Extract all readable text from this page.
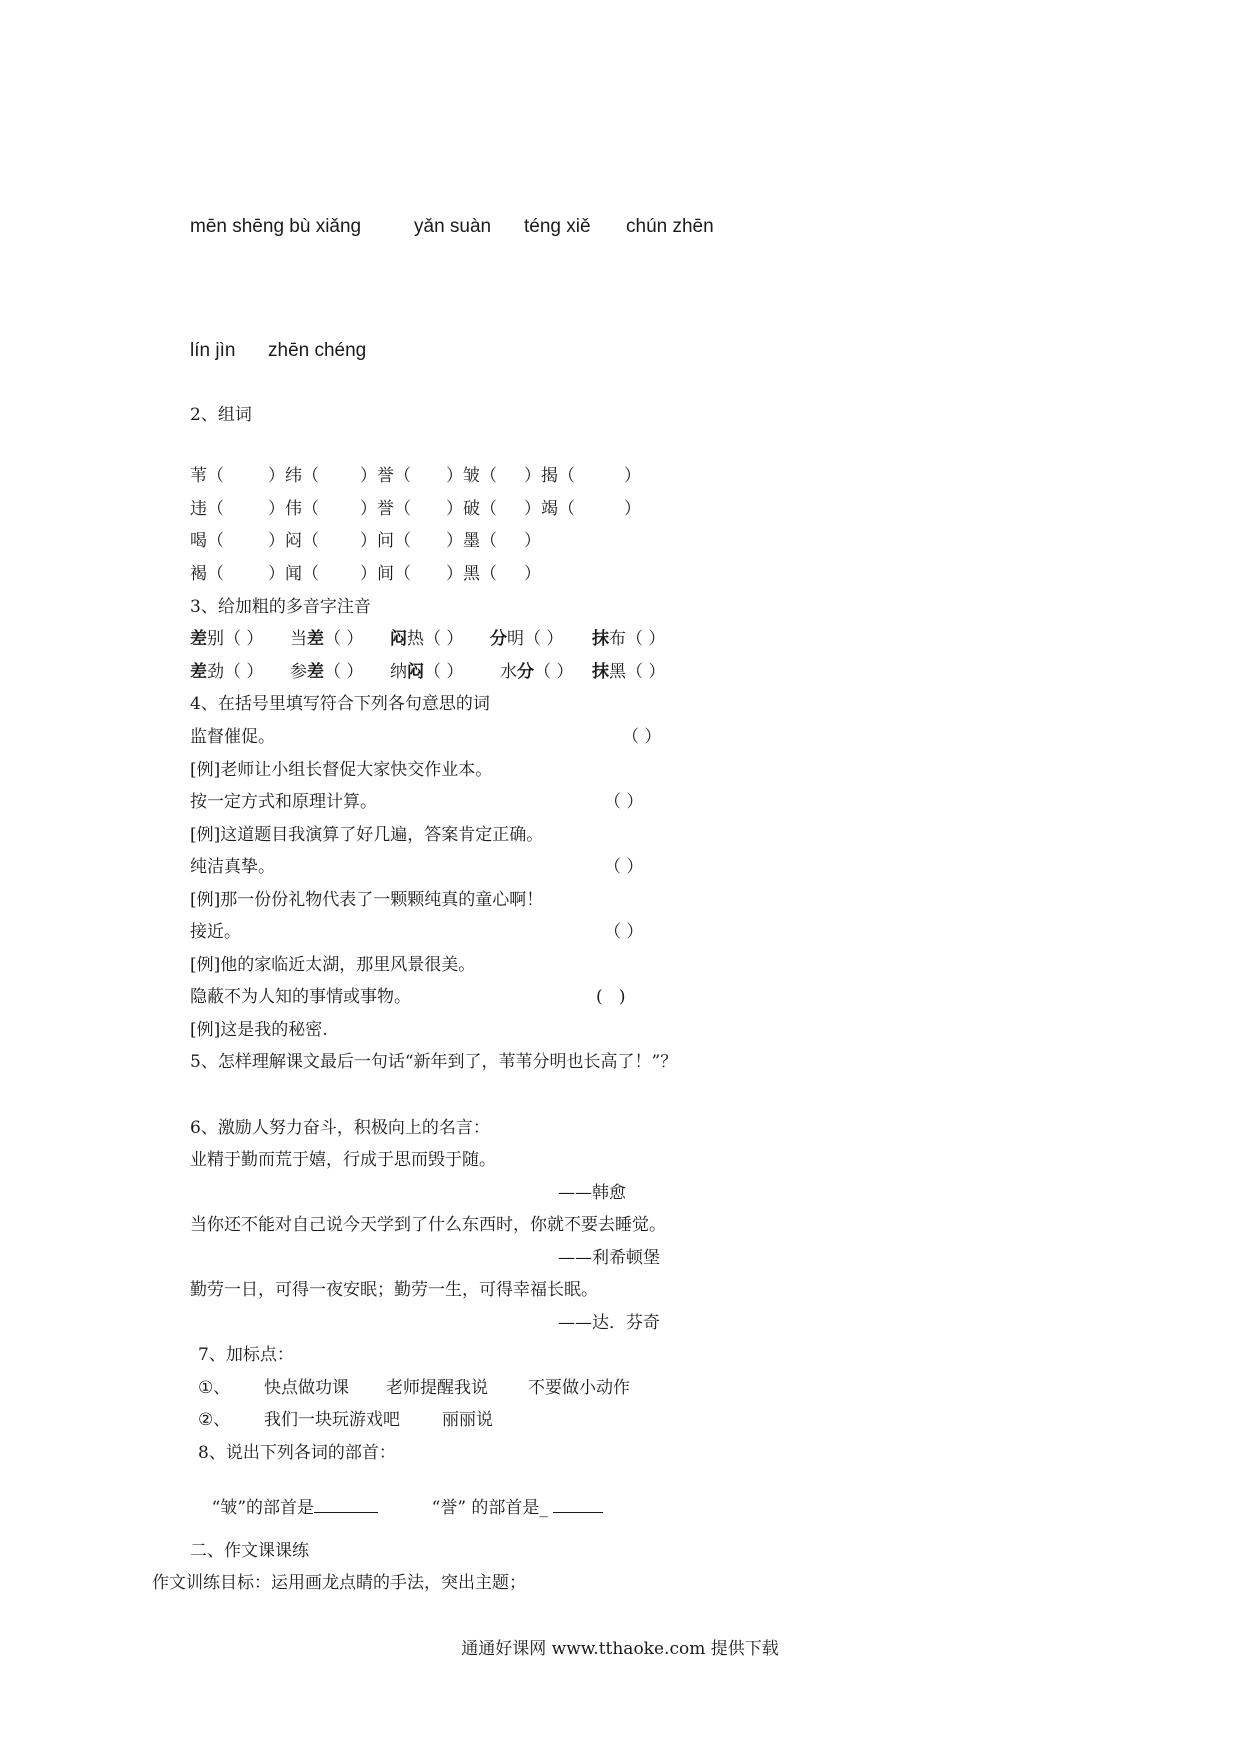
mēn shēng bù xiǎng	yǎn suàn téng xiě chún zhēn
lín jìn zhēn chéng
2、组词
苇（	）纬（ ）誉（ ）皱（ ）揭（	）
违（	）伟（ ）誉（ ）破（ ）竭（	）
喝（	）闷（ ）问（ ）墨（ ）
褐（	）闻（ ）间（ ）黑（ ）
3、给加粗的多音字注音
差别（ ） 当差（ ） 闷热（ ） 分明（ ） 抹布（ ）
差劲（ ） 参差（ ） 纳闷（ ） 水分（ ） 抹黑（ ）
4、在括号里填写符合下列各句意思的词
监督催促。	（ ）
[例]老师让小组长督促大家快交作业本。
按一定方式和原理计算。	（ ）
[例]这道题目我演算了好几遍，答案肯定正确。
纯洁真挚。	（ ）
[例]那一份份礼物代表了一颗颗纯真的童心啊！
接近。	（ ）
[例]他的家临近太湖，那里风景很美。
隐蔽不为人知的事情或事物。	(   )
[例]这是我的秘密.
5、怎样理解课文最后一句话“新年到了，苇苇分明也长高了！”？
6、激励人努力奋斗，积极向上的名言：
业精于勤而荒于嬉，行成于思而毁于随。
——韩愈
当你还不能对自己说今天学到了什么东西时，你就不要去睡觉。
——利希顿堡
勤劳一日，可得一夜安眠；勤劳一生，可得幸福长眠。
——达．芬奇
7、加标点：
①、 快点做功课 老师提醒我说 不要做小动作
②、 我们一块玩游戏吧 丽丽说
8、说出下列各词的部首：

“皱”的部首是
	“誉” 的部首是_

二、作文课课练
作文训练目标：运用画龙点睛的手法，突出主题；
通通好课网 www.tthaoke.com 提供下载
